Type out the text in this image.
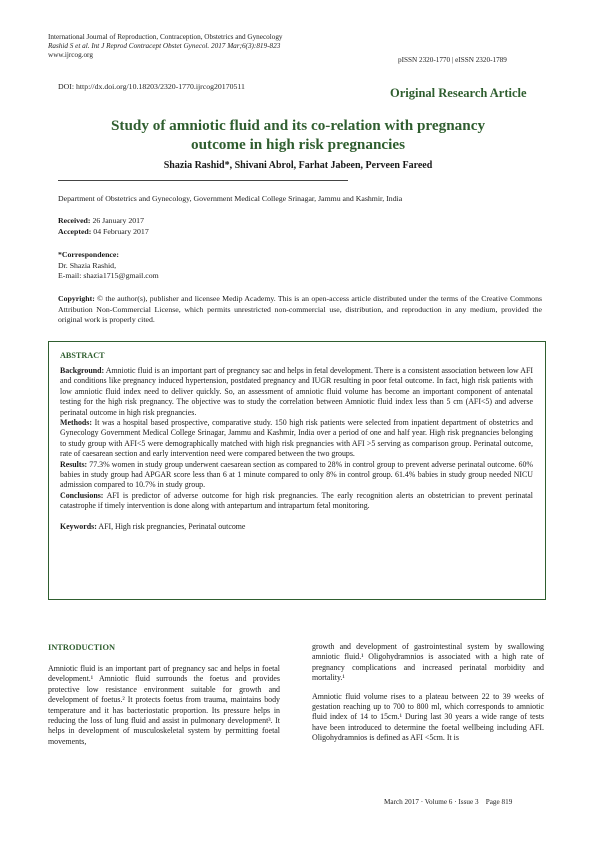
International Journal of Reproduction, Contraception, Obstetrics and Gynecology
Rashid S et al. Int J Reprod Contracept Obstet Gynecol. 2017 Mar;6(3):819-823
www.ijrcog.org
pISSN 2320-1770 | eISSN 2320-1789
DOI: http://dx.doi.org/10.18203/2320-1770.ijrcog20170511	Original Research Article
Study of amniotic fluid and its co-relation with pregnancy
outcome in high risk pregnancies
Shazia Rashid*, Shivani Abrol, Farhat Jabeen, Perveen Fareed
Department of Obstetrics and Gynecology, Government Medical College Srinagar, Jammu and Kashmir, India
Received: 26 January 2017
Accepted: 04 February 2017
*Correspondence:
Dr. Shazia Rashid,
E-mail: shazia1715@gmail.com
Copyright: © the author(s), publisher and licensee Medip Academy. This is an open-access article distributed under the terms of the Creative Commons Attribution Non-Commercial License, which permits unrestricted non-commercial use, distribution, and reproduction in any medium, provided the original work is properly cited.
ABSTRACT

Background: Amniotic fluid is an important part of pregnancy sac and helps in fetal development. There is a consistent association between low AFI and conditions like pregnancy induced hypertension, postdated pregnancy and IUGR resulting in poor fetal outcome. In fact, high risk patients with low amniotic fluid index need to deliver quickly. So, an assessment of amniotic fluid volume has become an important component of antenatal testing for the high risk pregnancy. The objective was to study the correlation between Amniotic fluid index less than 5 cm (AFI<5) and adverse perinatal outcome in high risk pregnancies.

Methods: It was a hospital based prospective, comparative study. 150 high risk patients were selected from inpatient department of obstetrics and Gynecology Government Medical College Srinagar, Jammu and Kashmir, India over a period of one and half year. High risk pregnancies belonging to study group with AFI<5 were demographically matched with high risk pregnancies with AFI >5 serving as comparison group. Perinatal outcome, rate of caesarean section and early intervention need were compared between the two groups.

Results: 77.3% women in study group underwent caesarean section as compared to 28% in control group to prevent adverse perinatal outcome. 60% babies in study group had APGAR score less than 6 at 1 minute compared to only 8% in control group. 61.4% babies in study group needed NICU admission compared to 10.7% in study group.

Conclusions: AFI is predictor of adverse outcome for high risk pregnancies. The early recognition alerts an obstetrician to prevent perinatal catastrophe if timely intervention is done along with antepartum and intrapartum fetal monitoring.

Keywords: AFI, High risk pregnancies, Perinatal outcome

INTRODUCTION

Amniotic fluid is an important part of pregnancy sac and helps in foetal development.¹ Amniotic fluid surrounds the foetus and provides protective low resistance environment suitable for growth and development of foetus.² It protects foetus from trauma, maintains body temperature and it has bacteriostatic proportion. Its pressure helps in reducing the loss of lung fluid and assist in pulmonary development³. It helps in development of musculoskeletal system by permitting foetal movements,

growth and development of gastrointestinal system by swallowing amniotic fluid.¹ Oligohydramnios is associated with a high rate of pregnancy complications and increased perinatal morbidity and mortality.¹

Amniotic fluid volume rises to a plateau between 22 to 39 weeks of gestation reaching up to 700 to 800 ml, which corresponds to amniotic fluid index of 14 to 15cm.¹ During last 30 years a wide range of tests have been introduced to determine the foetal wellbeing including AFI. Oligohydramnios is defined as AFI <5cm. It is

March 2017 · Volume 6 · Issue 3    Page 819
